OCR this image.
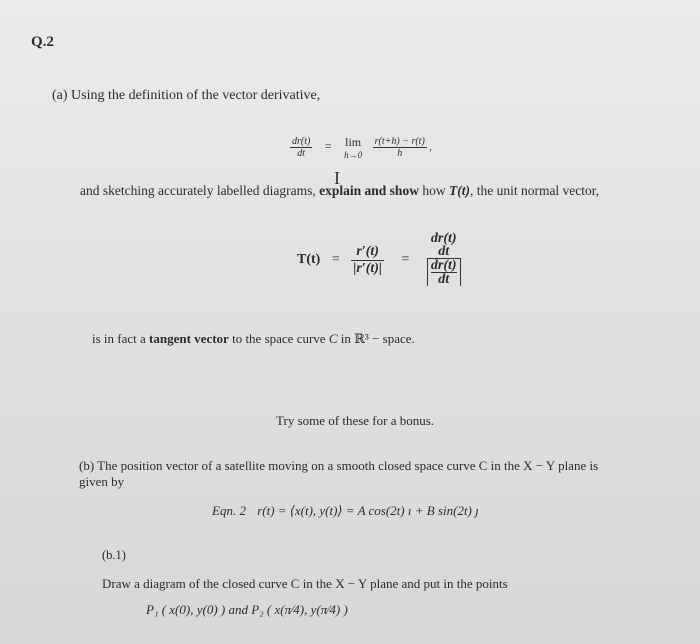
Q.2
(a) Using the definition of the vector derivative,
$\frac{dr(t)}{dt} = \lim$
h→0
$\frac{r(t+h) - r(t)}{h}$ ,
I
and sketching accurately labelled diagrams, explain and show how T(t), the unit normal vector,
$T(t) = \frac{r'(t)}{|r'(t)|}$ =
dr(t)
dt
$\frac{dr(t)}{dt}$
is in fact a tangent vector to the space curve C in ℝ³ − space.
Try some of these for a bonus.
(b) The position vector of a satellite moving on a smooth closed space curve C in the X − Y plane is
given by
Eqn. 2 r(t) = ⟨x(t), y(t)⟩ = A cos(2t) ı + B sin(2t) ȷ
(b.1)
Draw a diagram of the closed curve C in the X − Y plane and put in the points
P₁ ( x(0), y(0) ) and P₂ ( x(π⁄4), y(π⁄4) )
